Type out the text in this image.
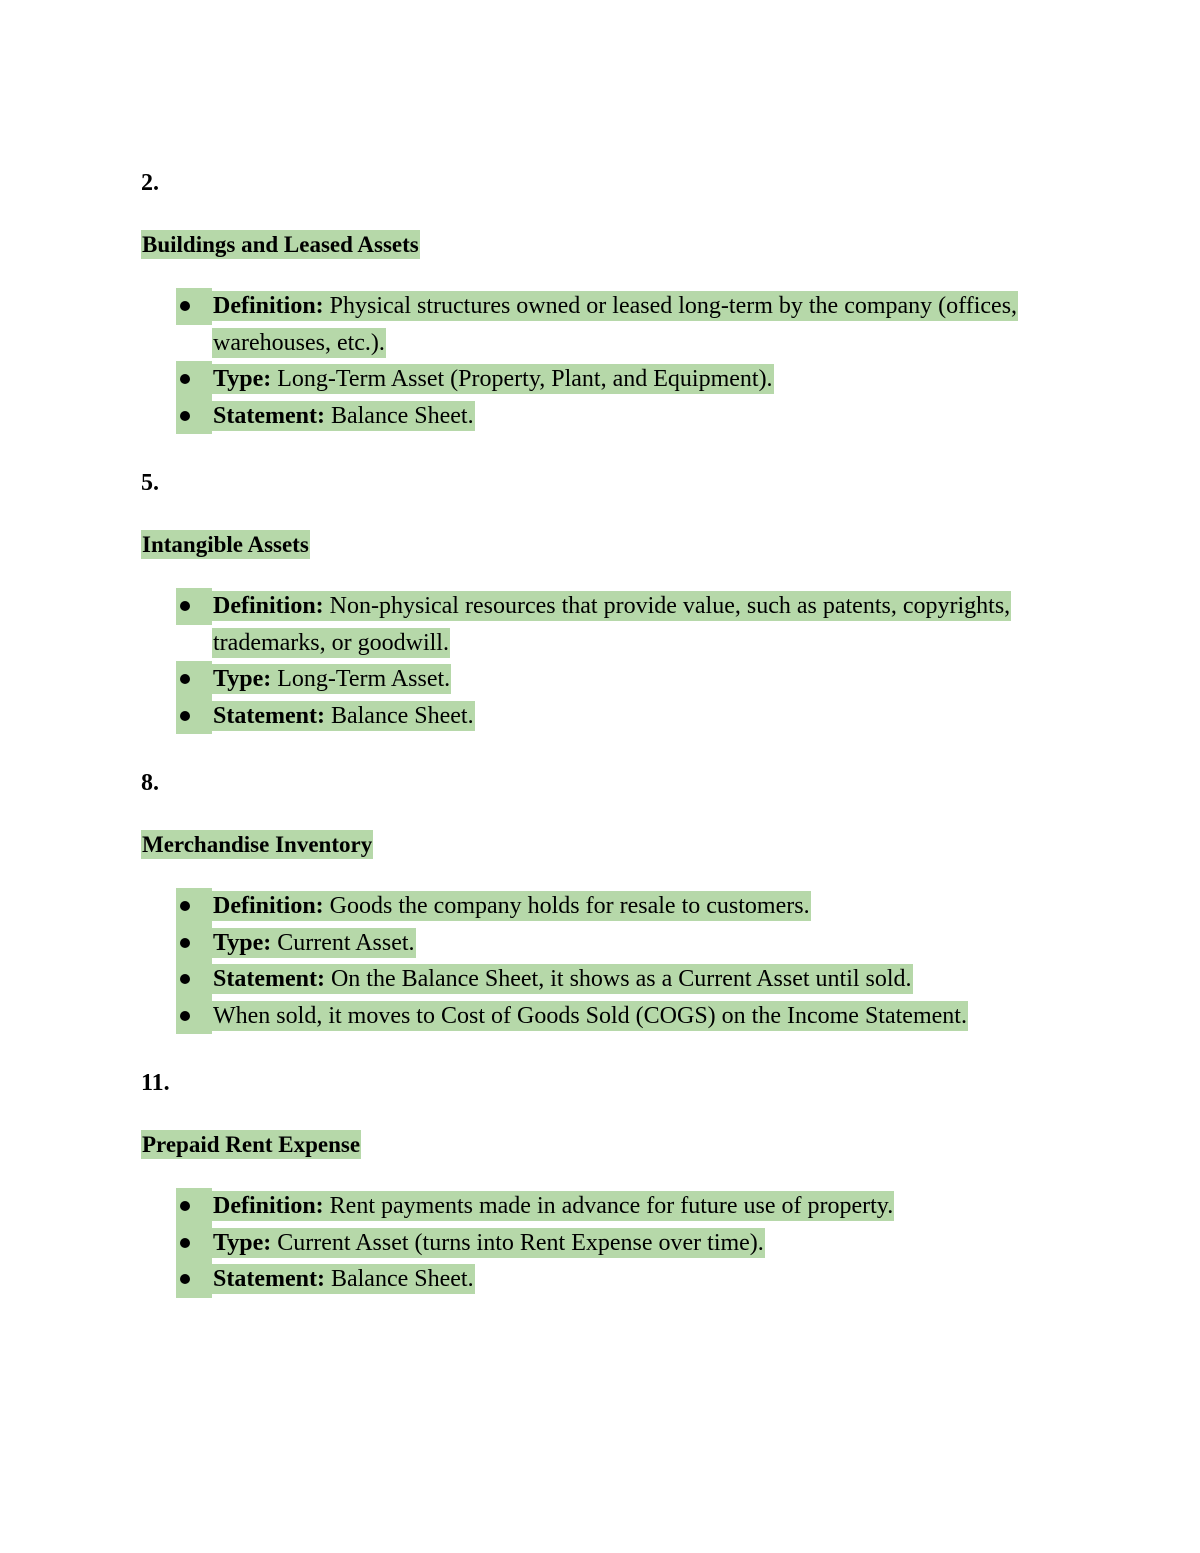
2.
Buildings and Leased Assets
Definition: Physical structures owned or leased long-term by the company (offices, warehouses, etc.).
Type: Long-Term Asset (Property, Plant, and Equipment).
Statement: Balance Sheet.
5.
Intangible Assets
Definition: Non-physical resources that provide value, such as patents, copyrights, trademarks, or goodwill.
Type: Long-Term Asset.
Statement: Balance Sheet.
8.
Merchandise Inventory
Definition: Goods the company holds for resale to customers.
Type: Current Asset.
Statement: On the Balance Sheet, it shows as a Current Asset until sold.
When sold, it moves to Cost of Goods Sold (COGS) on the Income Statement.
11.
Prepaid Rent Expense
Definition: Rent payments made in advance for future use of property.
Type: Current Asset (turns into Rent Expense over time).
Statement: Balance Sheet.
